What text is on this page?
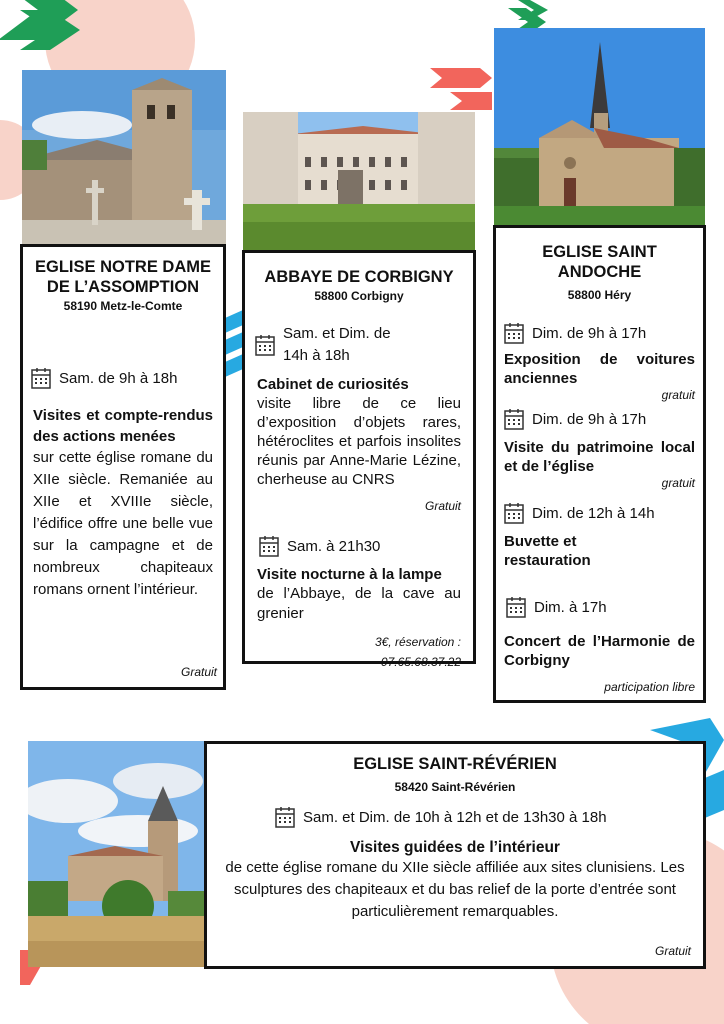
EGLISE NOTRE DAME DE L’ASSOMPTION
58190 Metz-le-Comte
Sam. de 9h à 18h
Visites et compte-rendus des actions menées
sur cette église romane du XIIe siècle. Remaniée au XIIe et XVIIIe siècle, l’édifice offre une belle vue sur la campagne et de nombreux chapiteaux romans ornent l’intérieur.
Gratuit
ABBAYE DE CORBIGNY
58800 Corbigny
Sam. et Dim. de 14h à 18h
Cabinet de curiosités
visite libre de ce lieu d’exposition d’objets rares, hétéroclites et parfois insolites réunis par Anne-Marie Lézine, cherheuse au CNRS
Gratuit
Sam. à 21h30
Visite nocturne à la lampe
de l’Abbaye, de la cave au grenier
3€, réservation : 07.65.68.37.22
EGLISE SAINT ANDOCHE
58800 Héry
Dim. de 9h à 17h
Exposition de voitures anciennes
gratuit
Dim. de 9h à 17h
Visite du patrimoine local et de l’église
gratuit
Dim. de 12h à 14h
Buvette et restauration
Dim. à 17h
Concert de l’Harmonie de Corbigny
participation libre
EGLISE SAINT-RÉVÉRIEN
58420 Saint-Révérien
Sam. et Dim. de 10h à 12h et de 13h30 à 18h
Visites guidées de l’intérieur
de cette église romane du XIIe siècle affiliée aux sites clunisiens. Les sculptures des chapiteaux et du bas relief de la porte d’entrée sont particulièrement remarquables.
Gratuit
